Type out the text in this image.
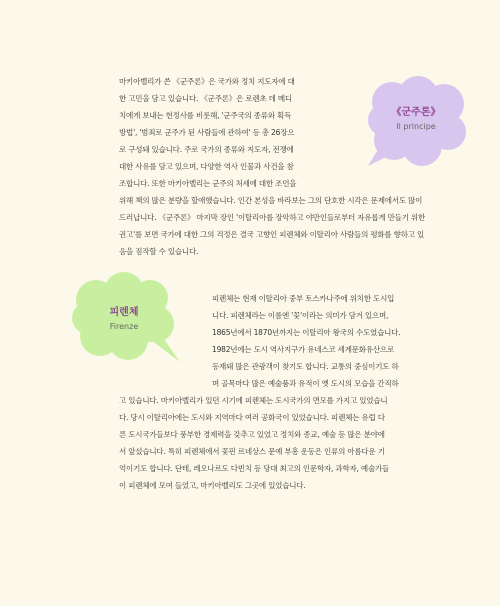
《군주론》
Il principe
피렌체
Firenze
마키아벨리가 쓴 《군주론》은 국가와 정치 지도자에 대
한 고민을 담고 있습니다. 《군주론》은 로렌초 데 메디
치에게 보내는 헌정사를 비롯해, '군주국의 종류와 획득
방법', '범죄로 군주가 된 사람들에 관하여' 등 총 26장으
로 구성돼 있습니다. 주로 국가의 종류와 지도자, 전쟁에
대한 사유를 담고 있으며, 다양한 역사 인물과 사건을 참
조합니다. 또한 마키아벨리는 군주의 처세에 대한 조언을
위해 책의 많은 분량을 할애했습니다. 인간 본성을 바라보는 그의 단호한 시각은 문제에서도 많이
드러납니다. 《군주론》 마지막 장인 '이탈리아를 장악하고 야만인들로부터 자유롭게 만들기 위한
권고'를 보면 국가에 대한 그의 걱정은 결국 고향인 피렌체와 이탈리아 사람들의 평화를 향하고 있
음을 짐작할 수 있습니다.
피렌체는 현재 이탈리아 중부 토스카나주에 위치한 도시입
니다. 피렌체라는 이름엔 '꽃'이라는 의미가 담겨 있으며,
1865년에서 1870년까지는 이탈리아 왕국의 수도였습니다.
1982년에는 도시 역사지구가 유네스코 세계문화유산으로
등재돼 많은 관광객이 찾기도 합니다. 교통의 중심이기도 하
며 골목마다 많은 예술품과 유적이 옛 도시의 모습을 간직하
고 있습니다. 마키아벨리가 있던 시기에 피렌체는 도시국가의 면모를 가지고 있었습니
다. 당시 이탈리아에는 도시와 지역마다 여러 공화국이 있었습니다. 피렌체는 유럽 다
른 도시국가들보다 풍부한 경제력을 갖추고 있었고 정치와 종교, 예술 등 많은 분야에
서 앞섰습니다. 특히 피렌체에서 꽃핀 르네상스 문예 부흥 운동은 인류의 아름다운 기
억이기도 합니다. 단테, 레오나르도 다빈치 등 당대 최고의 인문학자, 과학자, 예술가들
이 피렌체에 모여 들었고, 마키아벨리도 그곳에 있었습니다.
